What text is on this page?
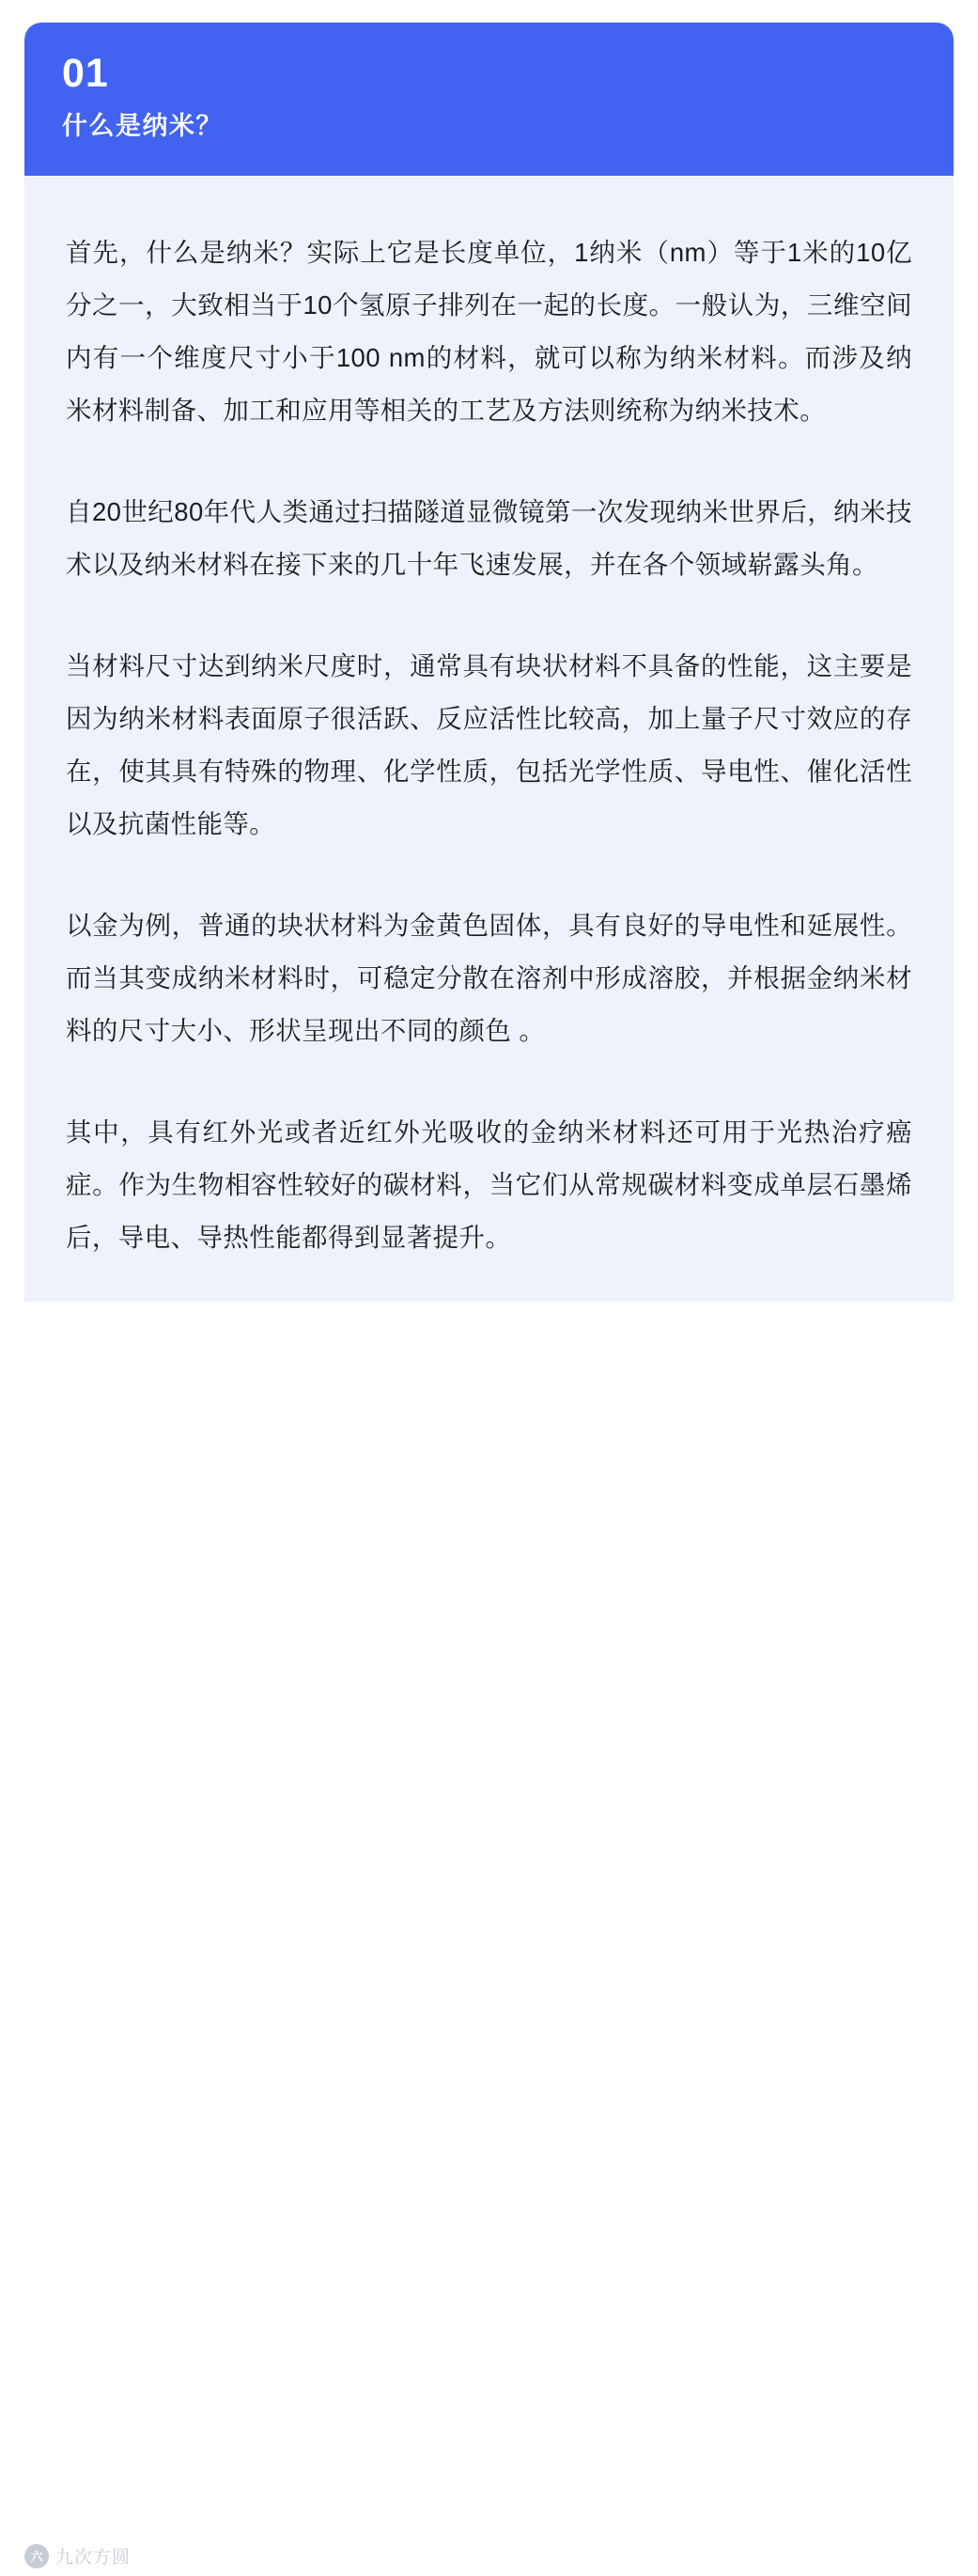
01
什么是纳米？

首先，什么是纳米？实际上它是长度单位，1纳米（nm）等于1米的10亿分之一，大致相当于10个氢原子排列在一起的长度。一般认为，三维空间内有一个维度尺寸小于100 nm的材料，就可以称为纳米材料。而涉及纳米材料制备、加工和应用等相关的工艺及方法则统称为纳米技术。

自20世纪80年代人类通过扫描隧道显微镜第一次发现纳米世界后，纳米技术以及纳米材料在接下来的几十年飞速发展，并在各个领域崭露头角。

当材料尺寸达到纳米尺度时，通常具有块状材料不具备的性能，这主要是因为纳米材料表面原子很活跃、反应活性比较高，加上量子尺寸效应的存在，使其具有特殊的物理、化学性质，包括光学性质、导电性、催化活性以及抗菌性能等。

以金为例，普通的块状材料为金黄色固体，具有良好的导电性和延展性。而当其变成纳米材料时，可稳定分散在溶剂中形成溶胶，并根据金纳米材料的尺寸大小、形状呈现出不同的颜色 。

其中，具有红外光或者近红外光吸收的金纳米材料还可用于光热治疗癌症。作为生物相容性较好的碳材料，当它们从常规碳材料变成单层石墨烯后，导电、导热性能都得到显著提升。

六 九次方圆
